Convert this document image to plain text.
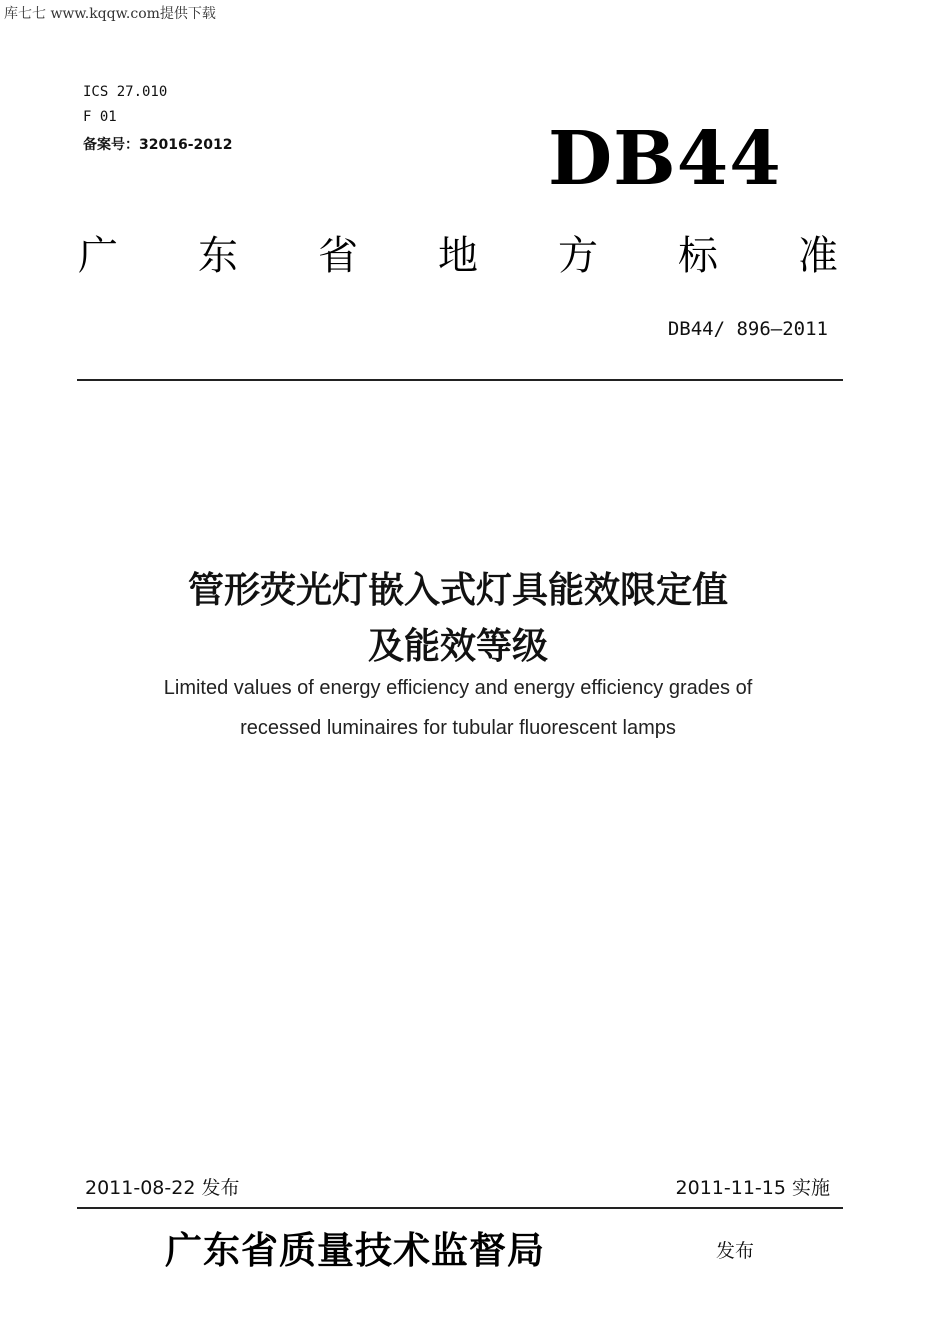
库七七 www.kqqw.com提供下载
ICS 27.010
F 01
备案号：32016-2012	DB44
广 东 省 地 方 标 准
DB44/ 896—2011
管形荧光灯嵌入式灯具能效限定值
及能效等级
Limited values of energy efficiency and energy efficiency grades of
recessed luminaires for tubular fluorescent lamps
2011-08-22 发布	2011-11-15 实施
广东省质量技术监督局	发布
